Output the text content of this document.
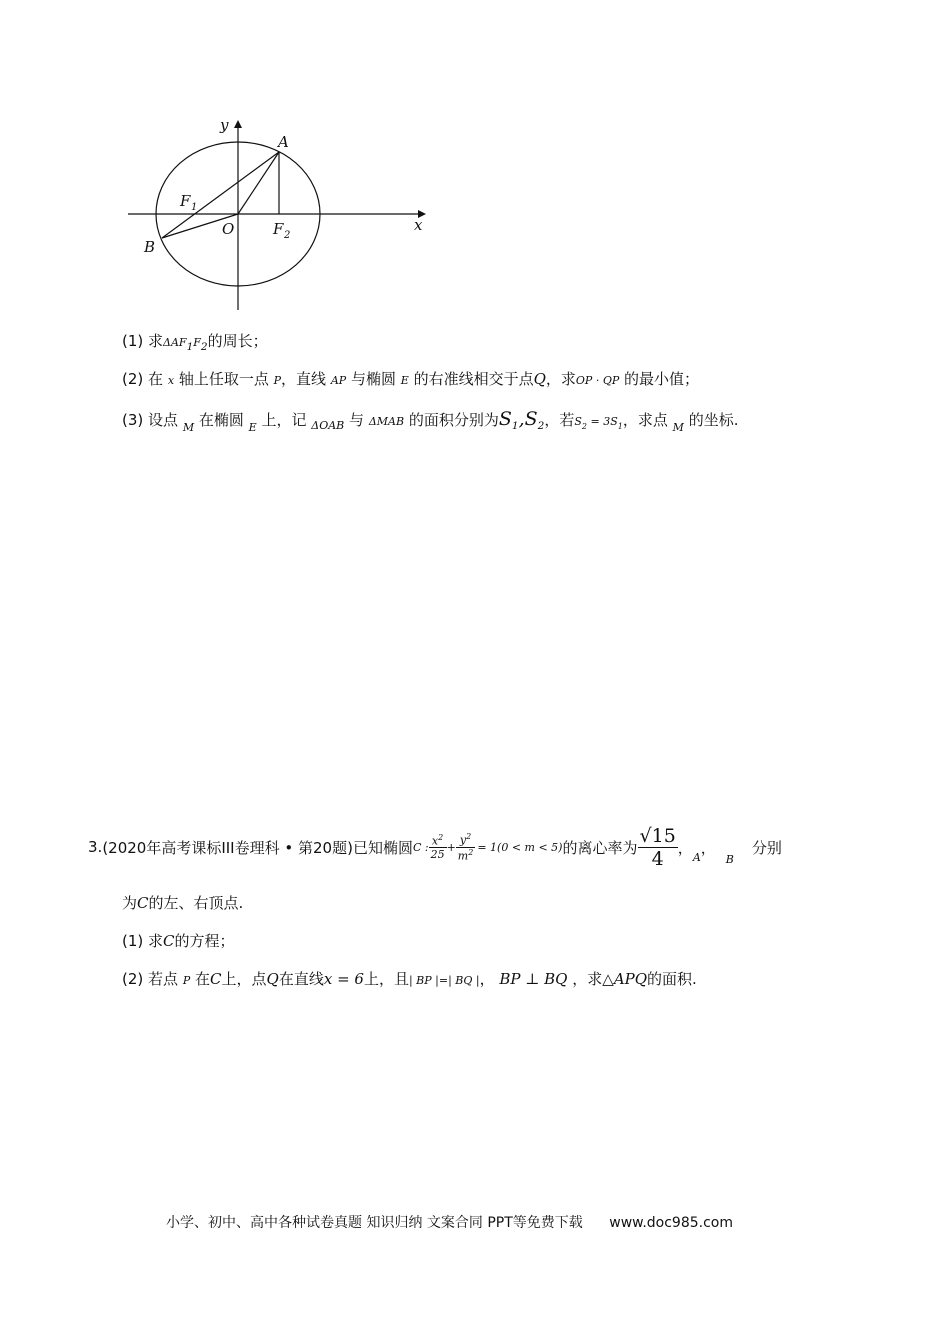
y
x
A
B
O
F 1
F 2
(1) 求$\Delta AF_1F_2$的周长；
(2) 在 x 轴上任取一点 P，直线 AP 与椭圆 E 的右准线相交于点Q，求OP · QP 的最小值；
(3) 设点 $_M$ 在椭圆 $_E$ 上，记 $_{\Delta OAB}$ 与 ΔMAB 的面积分别为$S_1,S_2$，若$S_2 = 3S_1$，求点 $_M$ 的坐标.
3. (2020年高考课标III卷理科 • 第20题) 已知椭圆 C : $\frac{x^2}{25} + \frac{y^2}{m^2} = 1(0 < m < 5)$ 的离心率为 $\frac{√15}{4}$ ，
A
，
B
分别
为C的左、右顶点.
(1) 求C的方程；
(2) 若点 P 在C上，点Q在直线x = 6上，且| BP |=| BQ |， BP ⊥ BQ ，求△APQ的面积.
小学、初中、高中各种试卷真题 知识归纳 文案合同 PPT等免费下载 www.doc985.com
